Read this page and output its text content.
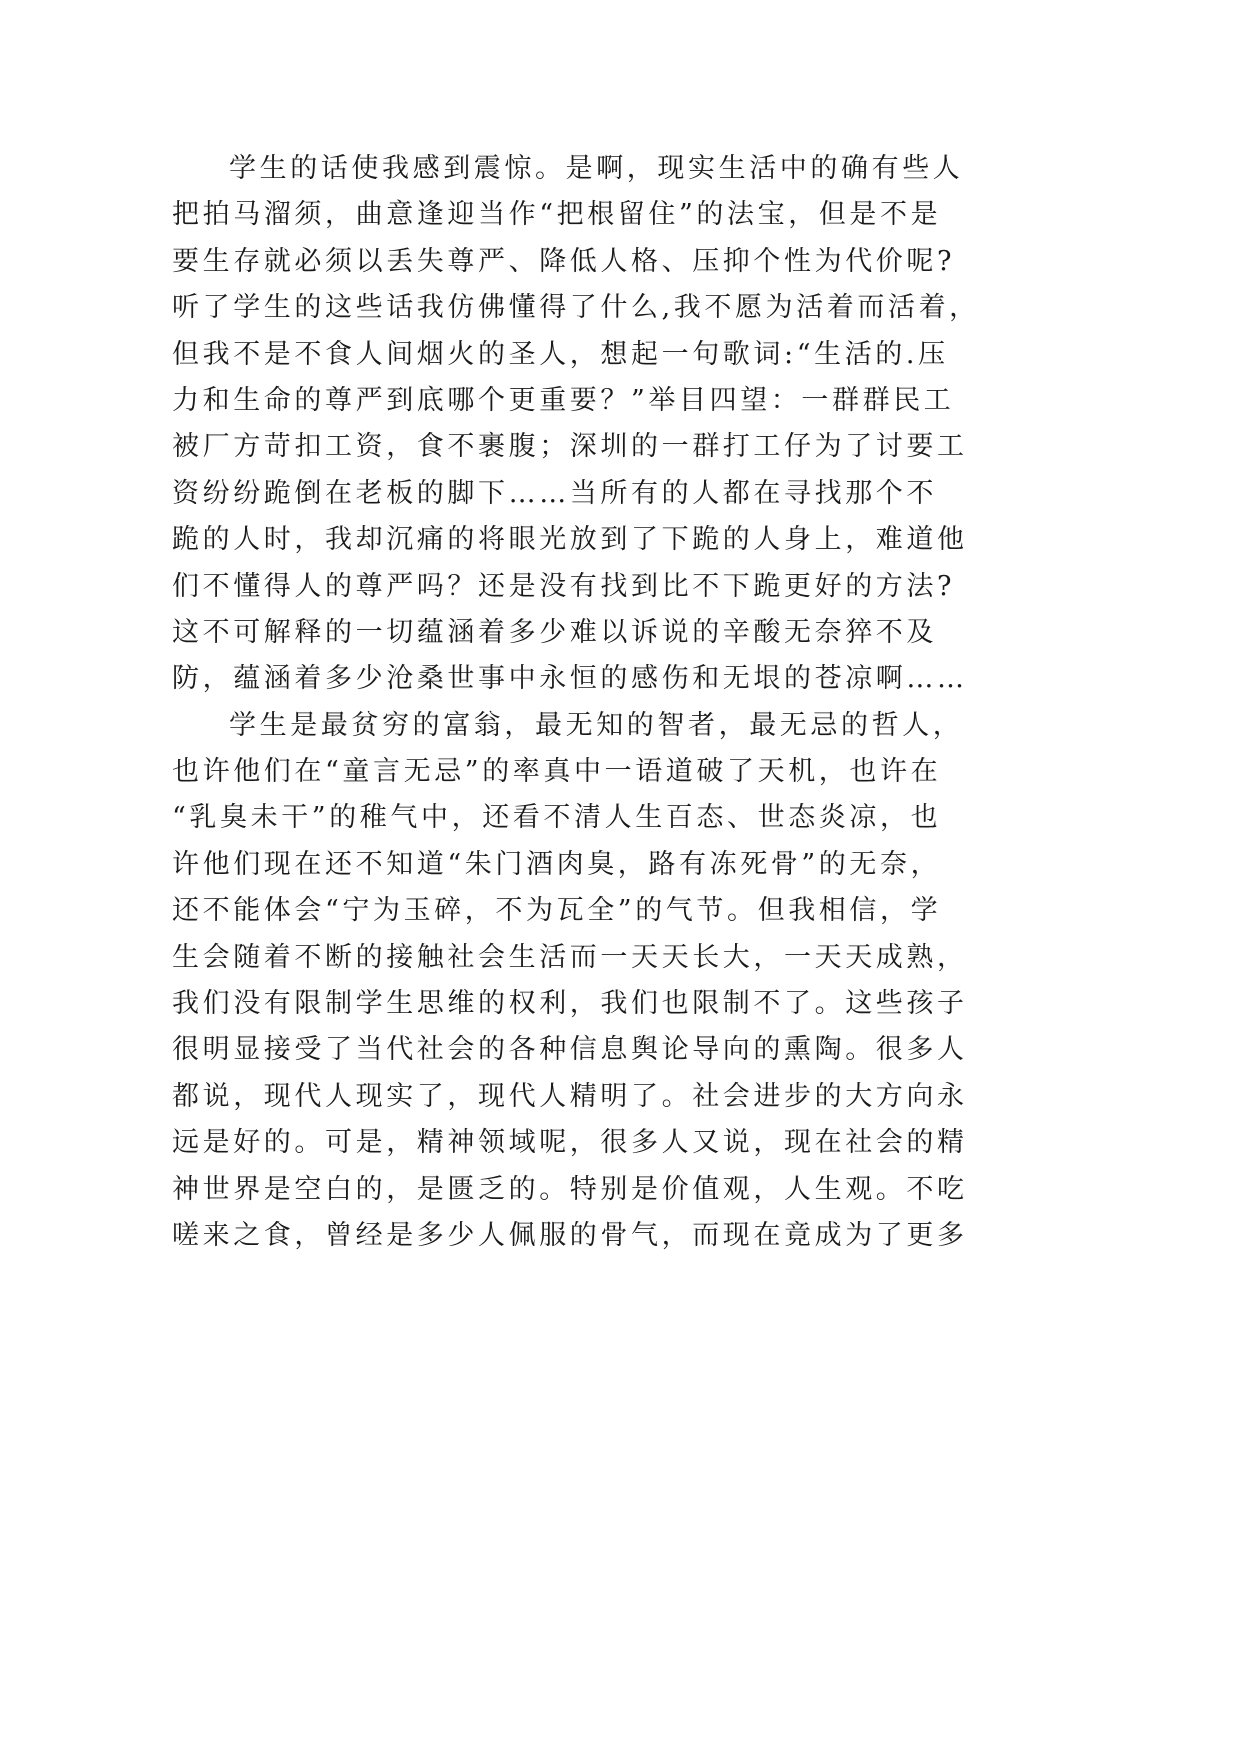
学生的话使我感到震惊。是啊，现实生活中的确有些人
把拍马溜须，曲意逢迎当作“把根留住”的法宝，但是不是
要生存就必须以丢失尊严、降低人格、压抑个性为代价呢?
听了学生的这些话我仿佛懂得了什么,我不愿为活着而活着，
但我不是不食人间烟火的圣人，想起一句歌词:“生活的.压
力和生命的尊严到底哪个更重要？”举目四望：一群群民工
被厂方苛扣工资，食不裹腹；深圳的一群打工仔为了讨要工
资纷纷跪倒在老板的脚下……当所有的人都在寻找那个不
跪的人时，我却沉痛的将眼光放到了下跪的人身上，难道他
们不懂得人的尊严吗？还是没有找到比不下跪更好的方法?
这不可解释的一切蕴涵着多少难以诉说的辛酸无奈猝不及
防，蕴涵着多少沧桑世事中永恒的感伤和无垠的苍凉啊……
学生是最贫穷的富翁，最无知的智者，最无忌的哲人，
也许他们在“童言无忌”的率真中一语道破了天机，也许在
“乳臭未干”的稚气中，还看不清人生百态、世态炎凉，也
许他们现在还不知道“朱门酒肉臭，路有冻死骨”的无奈，
还不能体会“宁为玉碎，不为瓦全”的气节。但我相信，学
生会随着不断的接触社会生活而一天天长大，一天天成熟，
我们没有限制学生思维的权利，我们也限制不了。这些孩子
很明显接受了当代社会的各种信息舆论导向的熏陶。很多人
都说，现代人现实了，现代人精明了。社会进步的大方向永
远是好的。可是，精神领域呢，很多人又说，现在社会的精
神世界是空白的，是匮乏的。特别是价值观，人生观。不吃
嗟来之食，曾经是多少人佩服的骨气，而现在竟成为了更多
